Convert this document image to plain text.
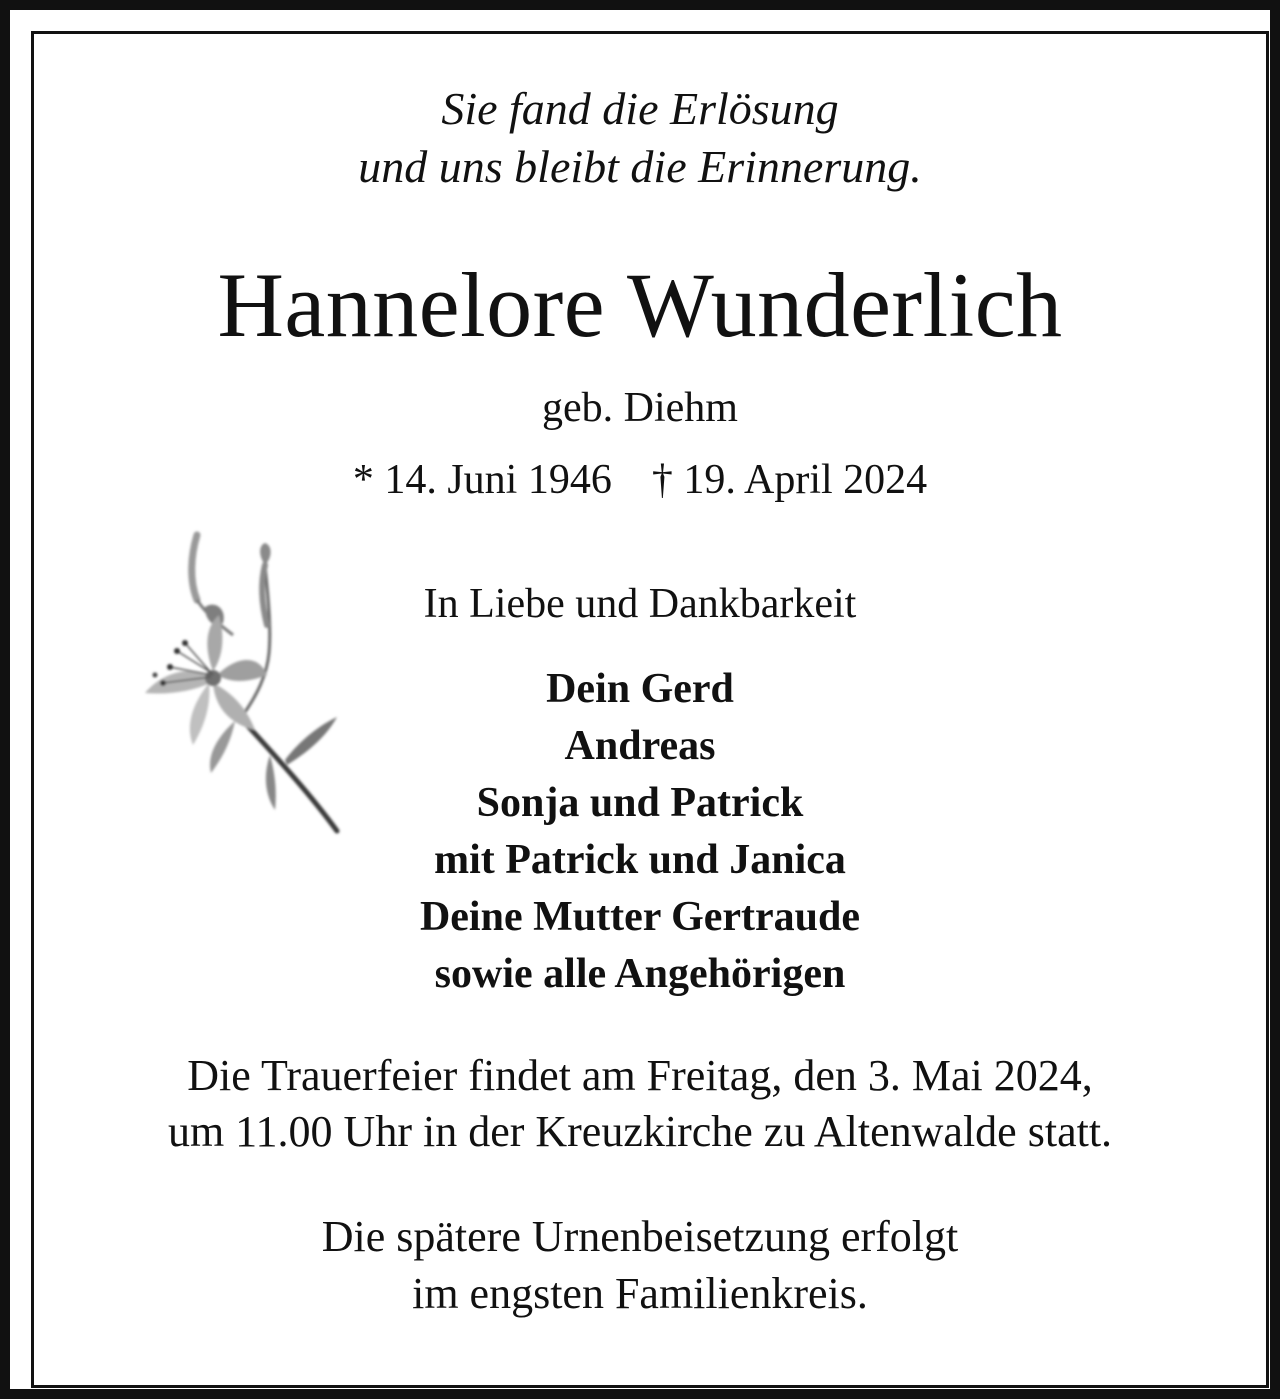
Sie fand die Erlösung
und uns bleibt die Erinnerung.
Hannelore Wunderlich
geb. Diehm
* 14. Juni 1946 † 19. April 2024
In Liebe und Dankbarkeit
Dein Gerd
Andreas
Sonja und Patrick
mit Patrick und Janica
Deine Mutter Gertraude
sowie alle Angehörigen
Die Trauerfeier findet am Freitag, den 3. Mai 2024,
um 11.00 Uhr in der Kreuzkirche zu Altenwalde statt.
Die spätere Urnenbeisetzung erfolgt
im engsten Familienkreis.
